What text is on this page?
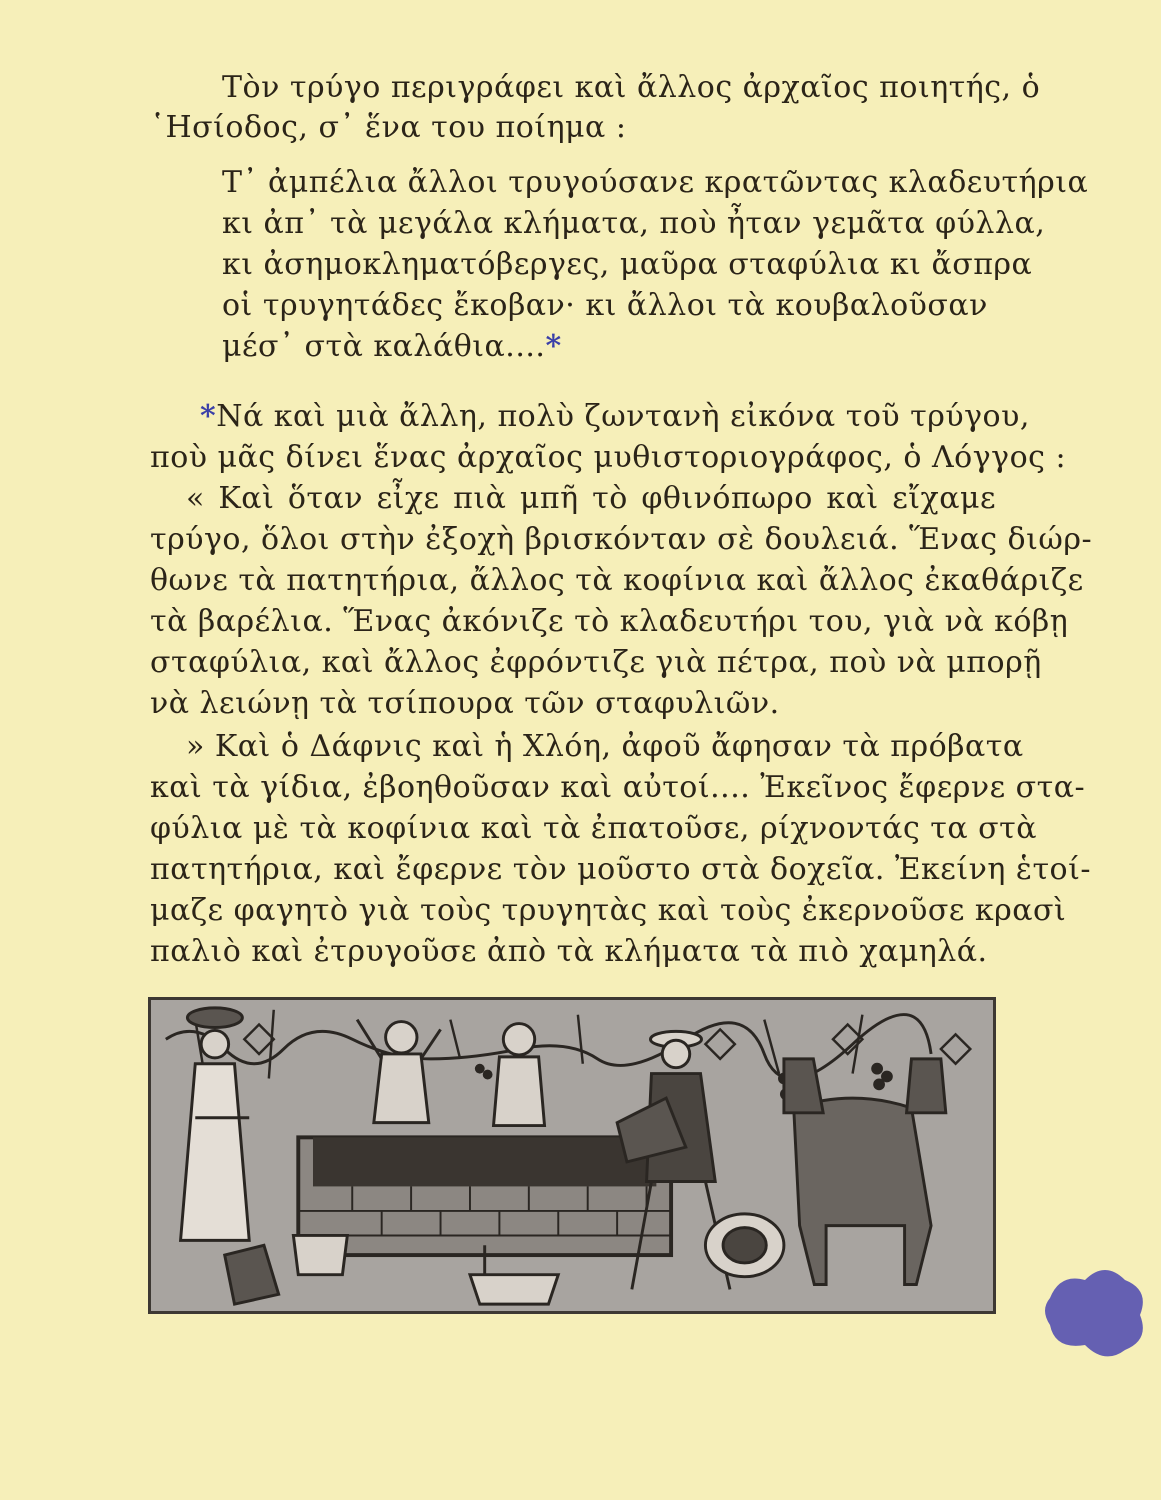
Τὸν τρύγο περιγράφει καὶ ἄλλος ἀρχαῖος ποιητής, ὁ
῾Ησίοδος, σ᾽ ἕνα του ποίημα :
Τ᾽ ἀμπέλια ἄλλοι τρυγούσανε κρατῶντας κλαδευτήρια
κι ἀπ᾽ τὰ μεγάλα κλήματα, ποὺ ἦταν γεμᾶτα φύλλα,
κι ἀσημοκληματόβεργες, μαῦρα σταφύλια κι ἄσπρα
οἱ τρυγητάδες ἔκοβαν· κι ἄλλοι τὰ κουβαλοῦσαν
μέσ᾽ στὰ καλάθια....*
*Νά καὶ μιὰ ἄλλη, πολὺ ζωντανὴ εἰκόνα τοῦ τρύγου,
ποὺ μᾶς δίνει ἕνας ἀρχαῖος μυθιστοριογράφος, ὁ Λόγγος :
« Καὶ ὅταν εἶχε πιὰ μπῆ τὸ φθινόπωρο καὶ εἴχαμε
τρύγο, ὅλοι στὴν ἐξοχὴ βρισκόνταν σὲ δουλειά. Ἕνας διώρ-
θωνε τὰ πατητήρια, ἄλλος τὰ κοφίνια καὶ ἄλλος ἐκαθάριζε
τὰ βαρέλια. Ἕνας ἀκόνιζε τὸ κλαδευτήρι του, γιὰ νὰ κόβῃ
σταφύλια, καὶ ἄλλος ἐφρόντιζε γιὰ πέτρα, ποὺ νὰ μπορῇ
νὰ λειώνῃ τὰ τσίπουρα τῶν σταφυλιῶν.
» Καὶ ὁ Δάφνις καὶ ἡ Χλόη, ἀφοῦ ἄφησαν τὰ πρόβατα
καὶ τὰ γίδια, ἐβοηθοῦσαν καὶ αὐτοί.... Ἐκεῖνος ἔφερνε στα-
φύλια μὲ τὰ κοφίνια καὶ τὰ ἐπατοῦσε, ρίχνοντάς τα στὰ
πατητήρια, καὶ ἔφερνε τὸν μοῦστο στὰ δοχεῖα. Ἐκείνη ἑτοί-
μαζε φαγητὸ γιὰ τοὺς τρυγητὰς καὶ τοὺς ἐκερνοῦσε κρασὶ
παλιὸ καὶ ἐτρυγοῦσε ἀπὸ τὰ κλήματα τὰ πιὸ χαμηλά.
